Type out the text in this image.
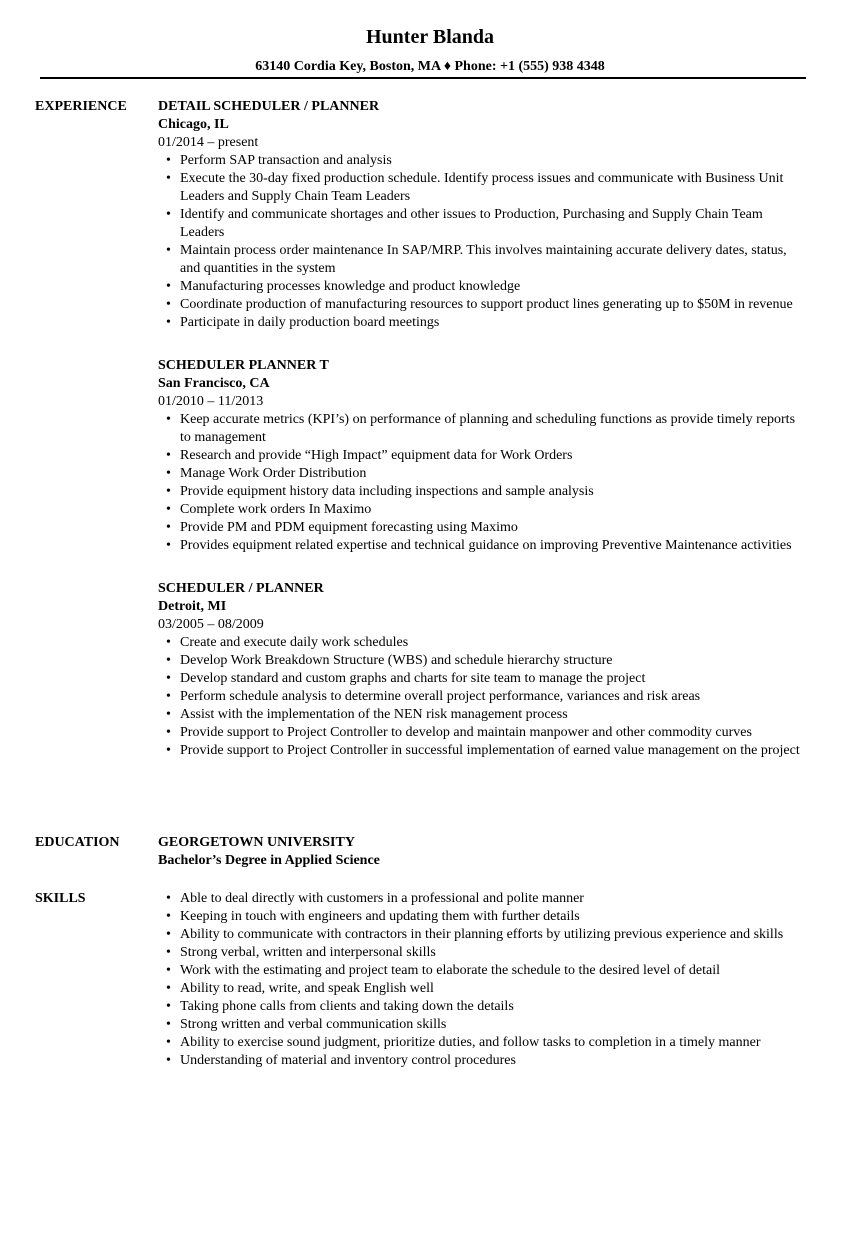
Hunter Blanda
63140 Cordia Key, Boston, MA ♦ Phone: +1 (555) 938 4348
EXPERIENCE DETAIL SCHEDULER / PLANNER
Chicago, IL
01/2014 – present
• Perform SAP transaction and analysis
• Execute the 30-day fixed production schedule. Identify process issues and communicate with Business Unit Leaders and Supply Chain Team Leaders
• Identify and communicate shortages and other issues to Production, Purchasing and Supply Chain Team Leaders
• Maintain process order maintenance In SAP/MRP. This involves maintaining accurate delivery dates, status, and quantities in the system
• Manufacturing processes knowledge and product knowledge
• Coordinate production of manufacturing resources to support product lines generating up to $50M in revenue
• Participate in daily production board meetings
SCHEDULER PLANNER T
San Francisco, CA
01/2010 – 11/2013
• Keep accurate metrics (KPI’s) on performance of planning and scheduling functions as provide timely reports to management
• Research and provide “High Impact” equipment data for Work Orders
• Manage Work Order Distribution
• Provide equipment history data including inspections and sample analysis
• Complete work orders In Maximo
• Provide PM and PDM equipment forecasting using Maximo
• Provides equipment related expertise and technical guidance on improving Preventive Maintenance activities
SCHEDULER / PLANNER
Detroit, MI
03/2005 – 08/2009
• Create and execute daily work schedules
• Develop Work Breakdown Structure (WBS) and schedule hierarchy structure
• Develop standard and custom graphs and charts for site team to manage the project
• Perform schedule analysis to determine overall project performance, variances and risk areas
• Assist with the implementation of the NEN risk management process
• Provide support to Project Controller to develop and maintain manpower and other commodity curves
• Provide support to Project Controller in successful implementation of earned value management on the project
EDUCATION	GEORGETOWN UNIVERSITY
Bachelor’s Degree in Applied Science
SKILLS	• Able to deal directly with customers in a professional and polite manner
• Keeping in touch with engineers and updating them with further details
• Ability to communicate with contractors in their planning efforts by utilizing previous experience and skills
• Strong verbal, written and interpersonal skills
• Work with the estimating and project team to elaborate the schedule to the desired level of detail
• Ability to read, write, and speak English well
• Taking phone calls from clients and taking down the details
• Strong written and verbal communication skills
• Ability to exercise sound judgment, prioritize duties, and follow tasks to completion in a timely manner
• Understanding of material and inventory control procedures
